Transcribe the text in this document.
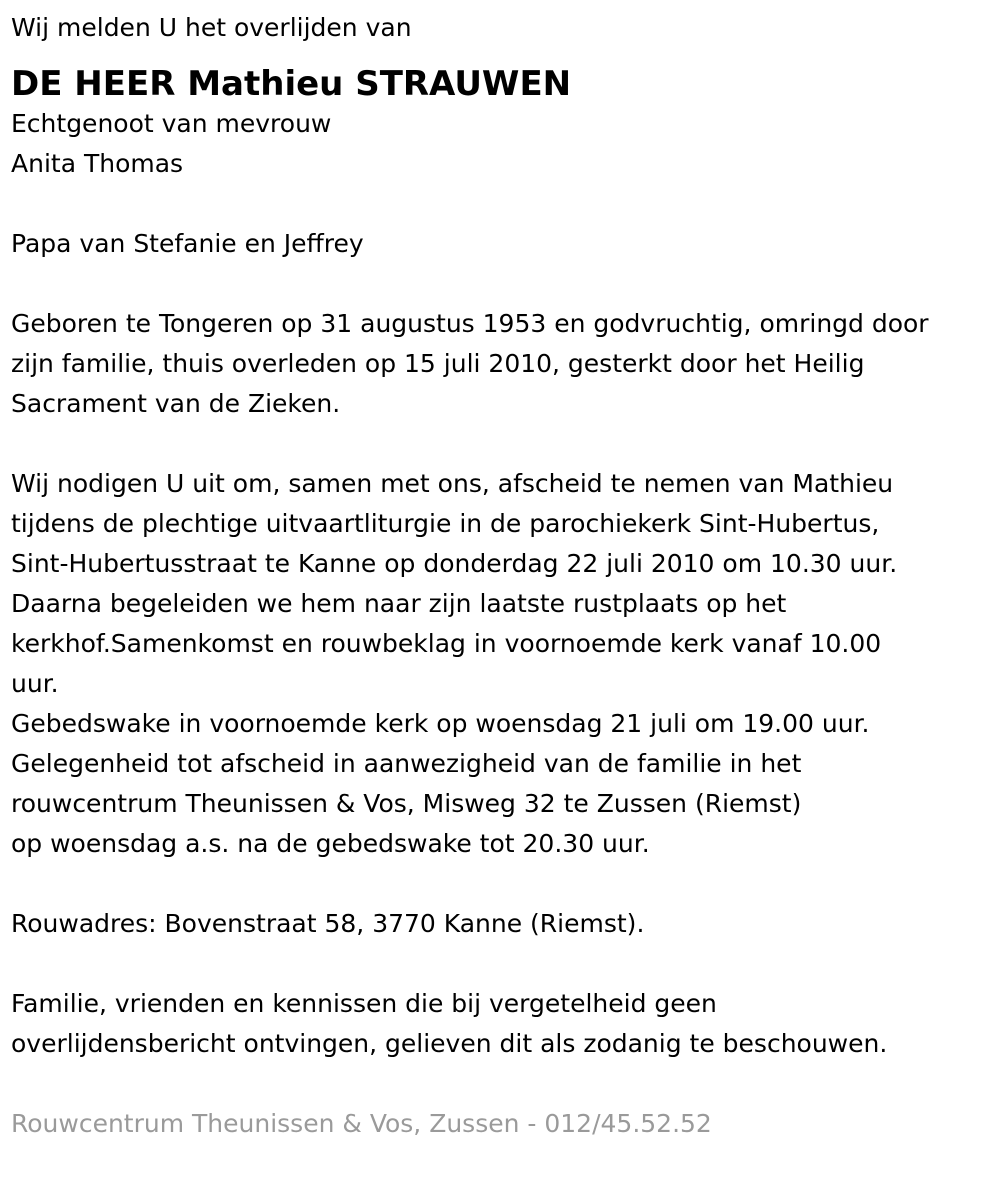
Wij melden U het overlijden van

DE HEER Mathieu STRAUWEN

Echtgenoot van mevrouw

Anita Thomas

Papa van Stefanie en Jeffrey

Geboren te Tongeren op 31 augustus 1953 en godvruchtig, omringd door

zijn familie, thuis overleden op 15 juli 2010, gesterkt door het Heilig

Sacrament van de Zieken.

Wij nodigen U uit om, samen met ons, afscheid te nemen van Mathieu

tijdens de plechtige uitvaartliturgie in de parochiekerk Sint-Hubertus,

Sint-Hubertusstraat te Kanne op donderdag 22 juli 2010 om 10.30 uur.

Daarna begeleiden we hem naar zijn laatste rustplaats op het

kerkhof.Samenkomst en rouwbeklag in voornoemde kerk vanaf 10.00

uur.

Gebedswake in voornoemde kerk op woensdag 21 juli om 19.00 uur.

Gelegenheid tot afscheid in aanwezigheid van de familie in het

rouwcentrum Theunissen & Vos, Misweg 32 te Zussen (Riemst)

op woensdag a.s. na de gebedswake tot 20.30 uur.

Rouwadres: Bovenstraat 58, 3770 Kanne (Riemst).

Familie, vrienden en kennissen die bij vergetelheid geen

overlijdensbericht ontvingen, gelieven dit als zodanig te beschouwen.

Rouwcentrum Theunissen & Vos, Zussen - 012/45.52.52
